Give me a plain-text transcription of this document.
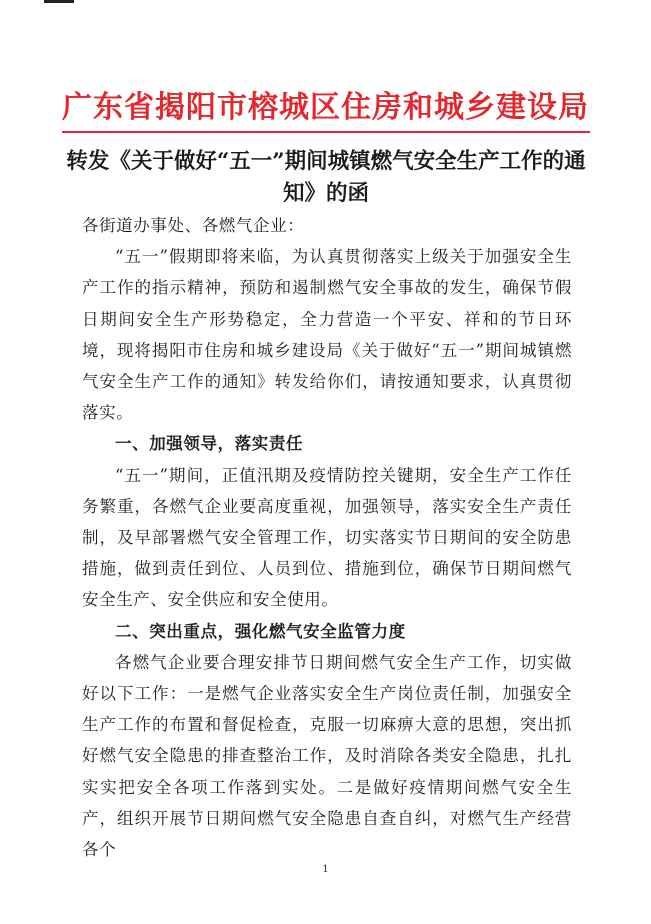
广东省揭阳市榕城区住房和城乡建设局
转发《关于做好“五一”期间城镇燃气安全生产工作的通知》的函

各街道办事处、各燃气企业：

“五一”假期即将来临，为认真贯彻落实上级关于加强安全生产工作的指示精神，预防和遏制燃气安全事故的发生，确保节假日期间安全生产形势稳定，全力营造一个平安、祥和的节日环境，现将揭阳市住房和城乡建设局《关于做好“五一”期间城镇燃气安全生产工作的通知》转发给你们，请按通知要求，认真贯彻落实。

一、加强领导，落实责任

“五一”期间，正值汛期及疫情防控关键期，安全生产工作任务繁重，各燃气企业要高度重视，加强领导，落实安全生产责任制，及早部署燃气安全管理工作，切实落实节日期间的安全防患措施，做到责任到位、人员到位、措施到位，确保节日期间燃气安全生产、安全供应和安全使用。

二、突出重点，强化燃气安全监管力度

各燃气企业要合理安排节日期间燃气安全生产工作，切实做好以下工作：一是燃气企业落实安全生产岗位责任制，加强安全生产工作的布置和督促检查，克服一切麻痹大意的思想，突出抓好燃气安全隐患的排查整治工作，及时消除各类安全隐患，扎扎实实把安全各项工作落到实处。二是做好疫情期间燃气安全生产，组织开展节日期间燃气安全隐患自查自纠，对燃气生产经营各个

1
